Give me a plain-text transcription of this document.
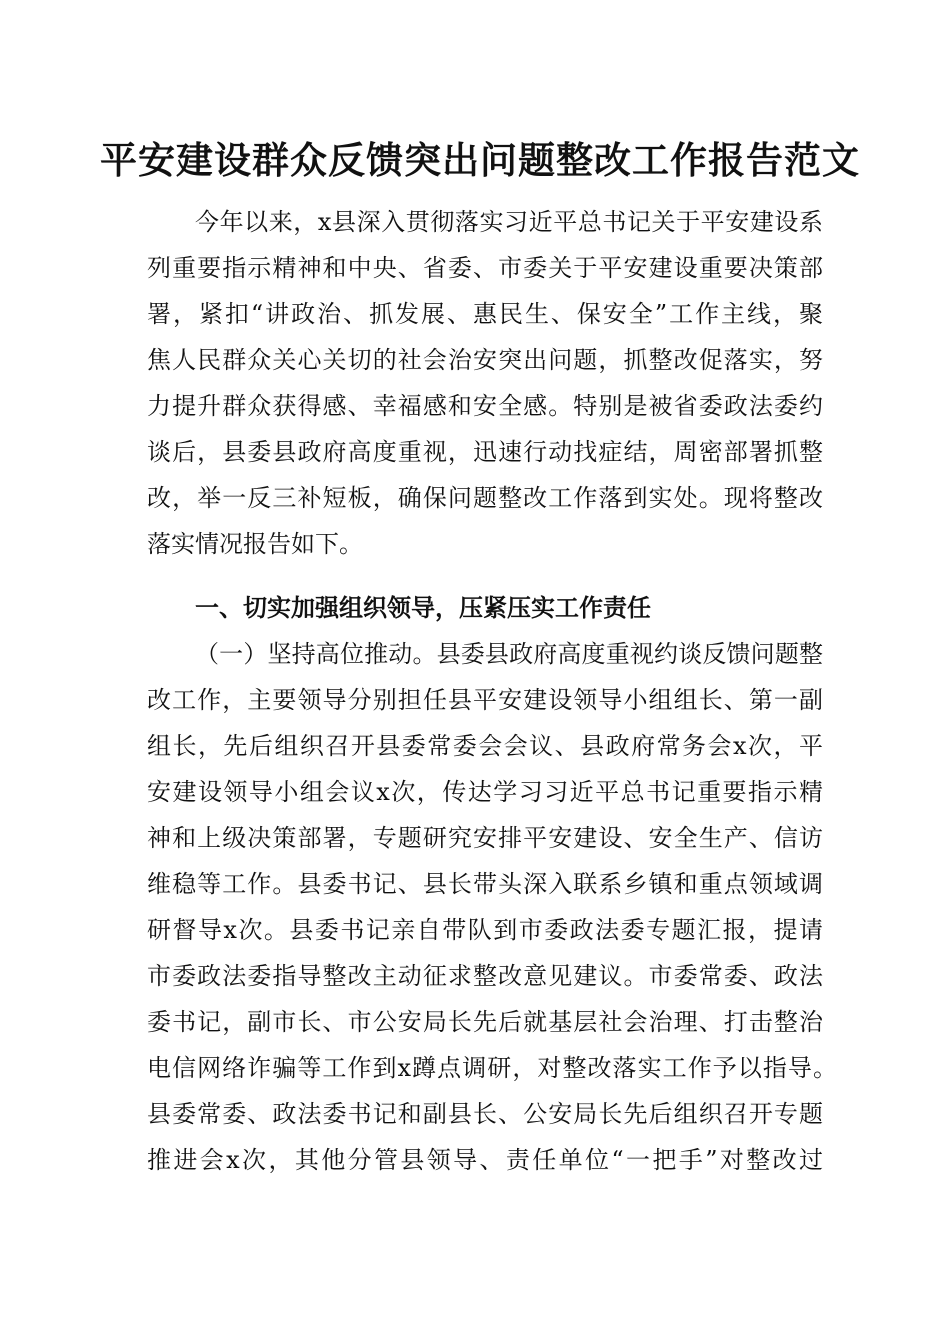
平安建设群众反馈突出问题整改工作报告范文
今年以来，x县深入贯彻落实习近平总书记关于平安建设系
列重要指示精神和中央、省委、市委关于平安建设重要决策部
署，紧扣“讲政治、抓发展、惠民生、保安全”工作主线，聚
焦人民群众关心关切的社会治安突出问题，抓整改促落实，努
力提升群众获得感、幸福感和安全感。特别是被省委政法委约
谈后，县委县政府高度重视，迅速行动找症结，周密部署抓整
改，举一反三补短板，确保问题整改工作落到实处。现将整改
落实情况报告如下。
一、切实加强组织领导，压紧压实工作责任
（一）坚持高位推动。县委县政府高度重视约谈反馈问题整
改工作，主要领导分别担任县平安建设领导小组组长、第一副
组长，先后组织召开县委常委会会议、县政府常务会x次，平
安建设领导小组会议x次，传达学习习近平总书记重要指示精
神和上级决策部署，专题研究安排平安建设、安全生产、信访
维稳等工作。县委书记、县长带头深入联系乡镇和重点领域调
研督导x次。县委书记亲自带队到市委政法委专题汇报，提请
市委政法委指导整改主动征求整改意见建议。市委常委、政法
委书记，副市长、市公安局长先后就基层社会治理、打击整治
电信网络诈骗等工作到x蹲点调研，对整改落实工作予以指导。
县委常委、政法委书记和副县长、公安局长先后组织召开专题
推进会x次，其他分管县领导、责任单位“一把手”对整改过
